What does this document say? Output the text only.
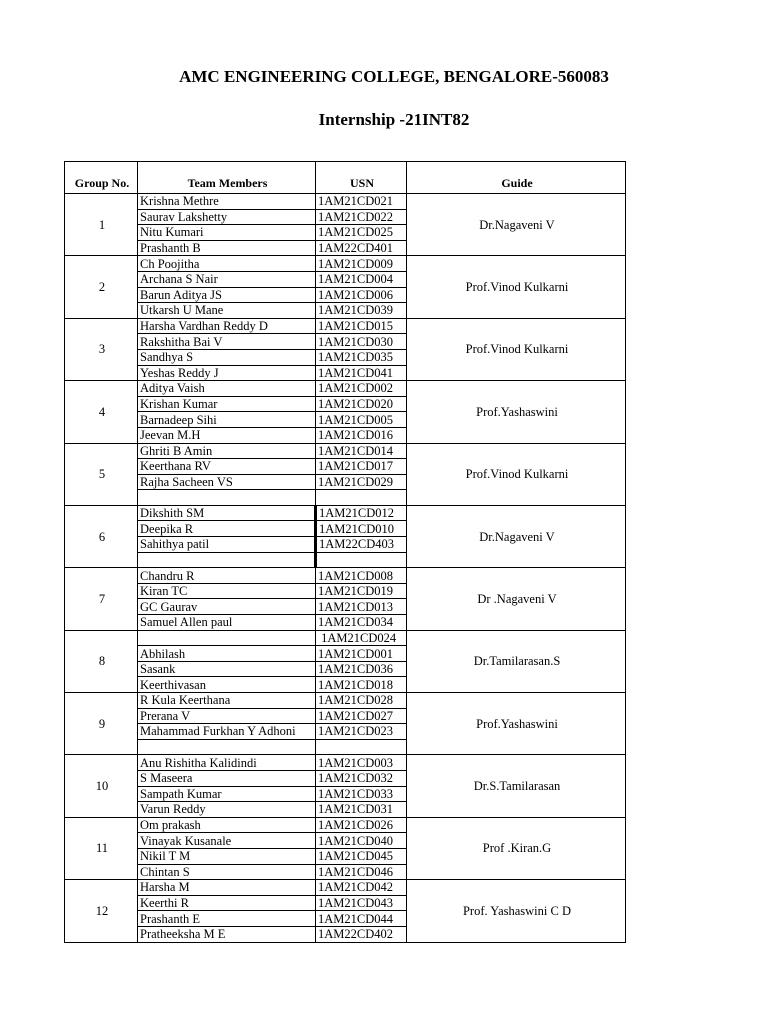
AMC ENGINEERING COLLEGE, BENGALORE-560083
Internship -21INT82
Group No.	Team Members	USN	Guide
1	Krishna Methre	1AM21CD021	Dr.Nagaveni V
	Saurav Lakshetty	1AM21CD022	
	Nitu Kumari	1AM21CD025	
	Prashanth B	1AM22CD401	
2	Ch Poojitha	1AM21CD009	Prof.Vinod Kulkarni
	Archana S Nair	1AM21CD004	
	Barun Aditya JS	1AM21CD006	
	Utkarsh U Mane	1AM21CD039	
3	Harsha Vardhan Reddy D	1AM21CD015	Prof.Vinod Kulkarni
	Rakshitha Bai V	1AM21CD030	
	Sandhya S	1AM21CD035	
	Yeshas Reddy J	1AM21CD041	
4	Aditya Vaish	1AM21CD002	Prof.Yashaswini
	Krishan Kumar	1AM21CD020	
	Barnadeep Sihi	1AM21CD005	
	Jeevan M.H	1AM21CD016	
5	Ghriti B Amin	1AM21CD014	Prof.Vinod Kulkarni
	Keerthana RV	1AM21CD017	
	Rajha Sacheen VS	1AM21CD029	

6	Dikshith SM	1AM21CD012	Dr.Nagaveni V
	Deepika R	1AM21CD010	
	Sahithya patil	1AM22CD403	

7	Chandru R	1AM21CD008	Dr .Nagaveni V
	Kiran TC	1AM21CD019	
	GC Gaurav	1AM21CD013	
	Samuel Allen paul	1AM21CD034	
8		1AM21CD024	Dr.Tamilarasan.S
	Abhilash	1AM21CD001	
	Sasank	1AM21CD036	
	Keerthivasan	1AM21CD018	
9	R Kula Keerthana	1AM21CD028	Prof.Yashaswini
	Prerana V	1AM21CD027	
	Mahammad Furkhan Y Adhoni	1AM21CD023	

10	Anu Rishitha Kalidindi	1AM21CD003	Dr.S.Tamilarasan
	S Maseera	1AM21CD032	
	Sampath Kumar	1AM21CD033	
	Varun Reddy	1AM21CD031	
11	Om prakash	1AM21CD026	Prof .Kiran.G
	Vinayak Kusanale	1AM21CD040	
	Nikil T M	1AM21CD045	
	Chintan S	1AM21CD046	
12	Harsha M	1AM21CD042	Prof. Yashaswini C D
	Keerthi R	1AM21CD043	
	Prashanth E	1AM21CD044	
	Pratheeksha M E	1AM22CD402	
